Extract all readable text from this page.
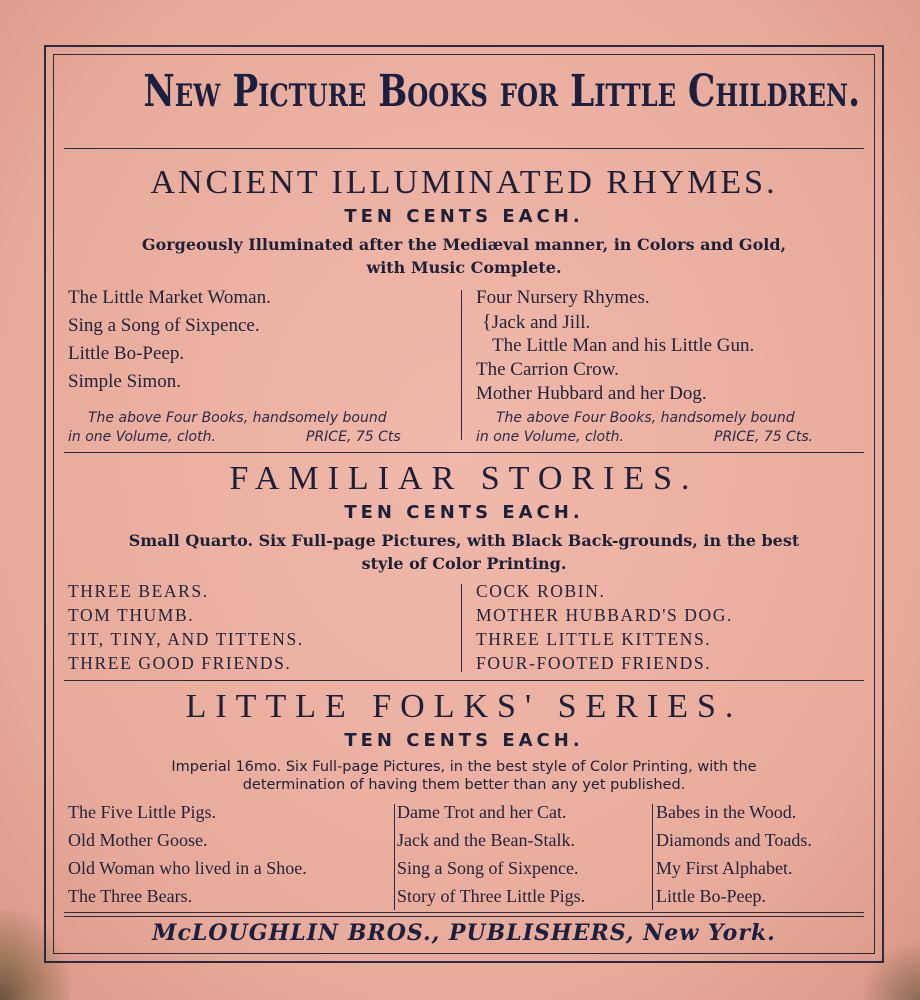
New Picture Books for Little Children.
ANCIENT ILLUMINATED RHYMES.
TEN CENTS EACH.
Gorgeously Illuminated after the Mediæval manner, in Colors and Gold,
with Music Complete.
The Little Market Woman.
Sing a Song of Sixpence.
Little Bo-Peep.
Simple Simon.
Four Nursery Rhymes.
{Jack and Jill.
The Little Man and his Little Gun.
The Carrion Crow.
Mother Hubbard and her Dog.
The above Four Books, handsomely bound
in one Volume, cloth.	PRICE, 75 Cts
The above Four Books, handsomely bound
in one Volume, cloth.	PRICE, 75 Cts.
FAMILIAR STORIES.
TEN CENTS EACH.
Small Quarto. Six Full-page Pictures, with Black Back-grounds, in the best
style of Color Printing.
THREE BEARS.
TOM THUMB.
TIT, TINY, AND TITTENS.
THREE GOOD FRIENDS.
COCK ROBIN.
MOTHER HUBBARD'S DOG.
THREE LITTLE KITTENS.
FOUR-FOOTED FRIENDS.
LITTLE FOLKS' SERIES.
TEN CENTS EACH.
Imperial 16mo. Six Full-page Pictures, in the best style of Color Printing, with the
determination of having them better than any yet published.
The Five Little Pigs.
Old Mother Goose.
Old Woman who lived in a Shoe.
The Three Bears.
Dame Trot and her Cat.
Jack and the Bean-Stalk.
Sing a Song of Sixpence.
Story of Three Little Pigs.
Babes in the Wood.
Diamonds and Toads.
My First Alphabet.
Little Bo-Peep.
McLOUGHLIN BROS., PUBLISHERS, New York.
